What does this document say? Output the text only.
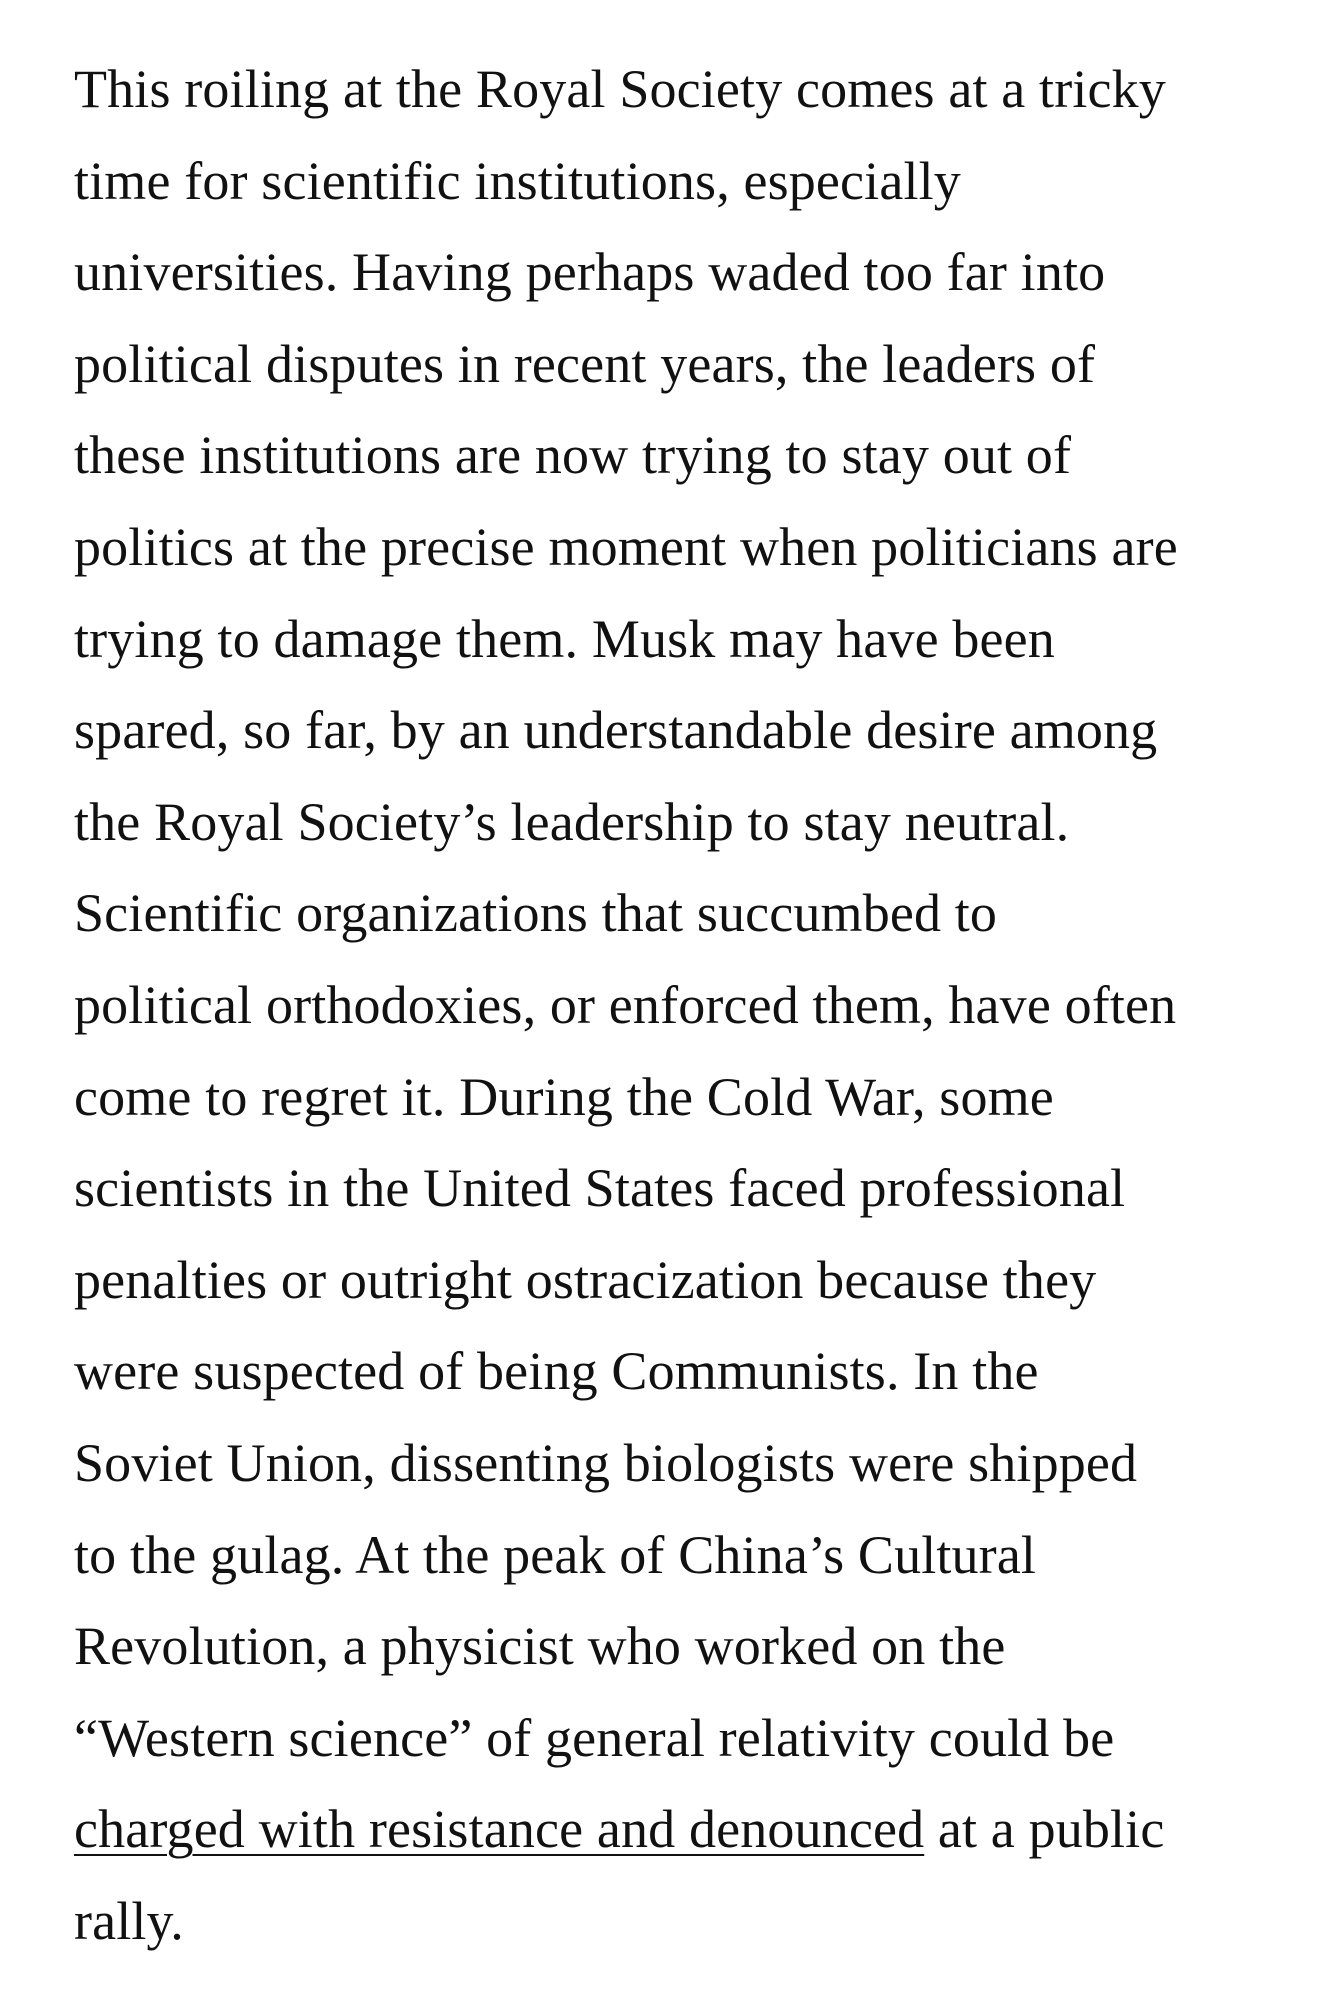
This roiling at the Royal Society comes at a tricky
time for scientific institutions, especially
universities. Having perhaps waded too far into
political disputes in recent years, the leaders of
these institutions are now trying to stay out of
politics at the precise moment when politicians are
trying to damage them. Musk may have been
spared, so far, by an understandable desire among
the Royal Society’s leadership to stay neutral.
Scientific organizations that succumbed to
political orthodoxies, or enforced them, have often
come to regret it. During the Cold War, some
scientists in the United States faced professional
penalties or outright ostracization because they
were suspected of being Communists. In the
Soviet Union, dissenting biologists were shipped
to the gulag. At the peak of China’s Cultural
Revolution, a physicist who worked on the
“Western science” of general relativity could be
charged with resistance and denounced at a public
rally.
